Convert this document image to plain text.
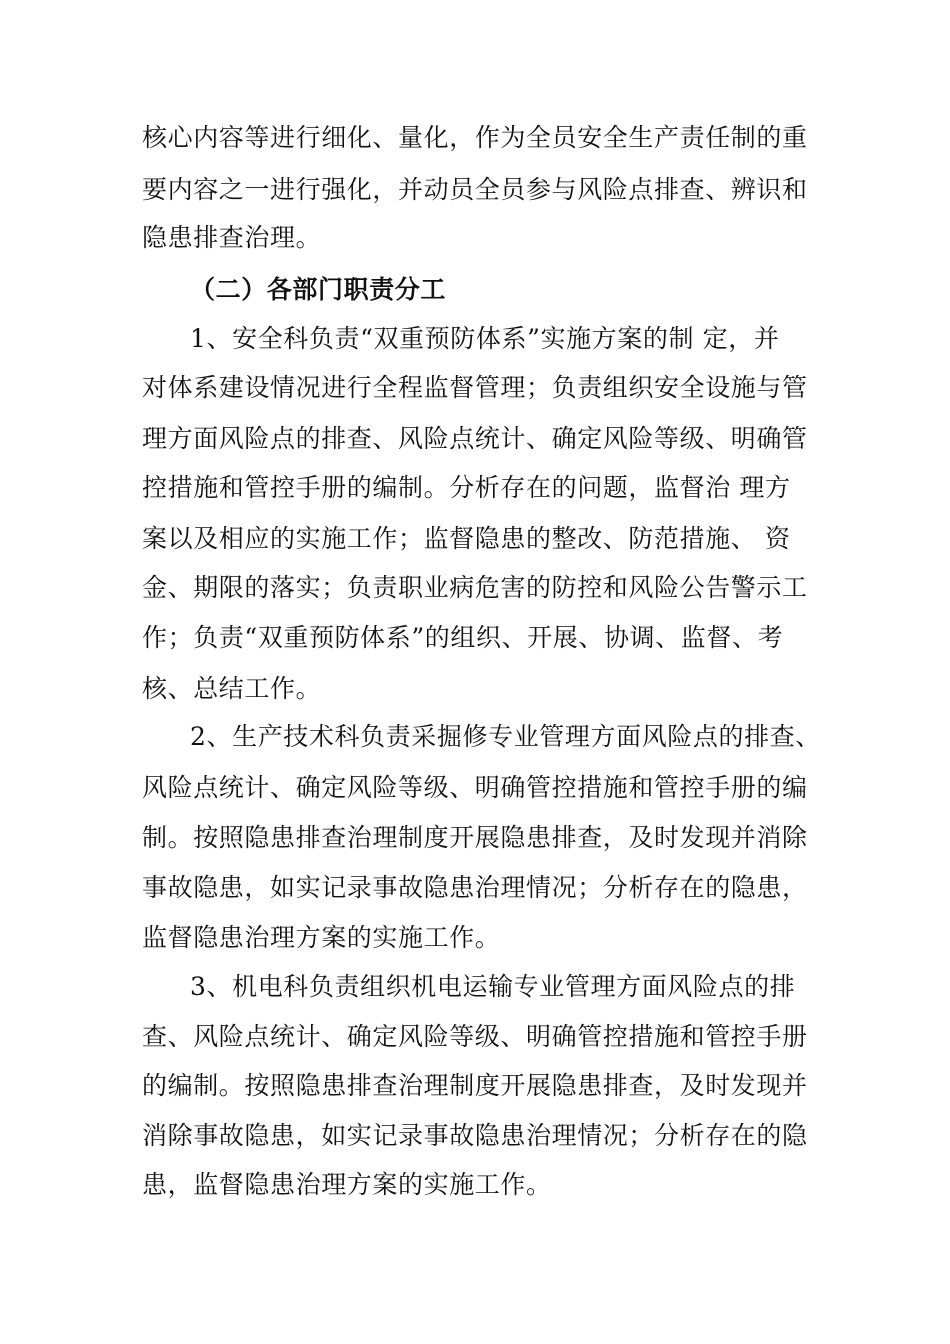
核心内容等进行细化、量化，作为全员安全生产责任制的重
要内容之一进行强化，并动员全员参与风险点排查、辨识和
隐患排查治理。
（二）各部门职责分工
1、安全科负责“双重预防体系”实施方案的制 定，并
对体系建设情况进行全程监督管理；负责组织安全设施与管
理方面风险点的排查、风险点统计、确定风险等级、明确管
控措施和管控手册的编制。分析存在的问题，监督治 理方
案以及相应的实施工作；监督隐患的整改、防范措施、 资
金、期限的落实；负责职业病危害的防控和风险公告警示工
作；负责“双重预防体系”的组织、开展、协调、监督、考
核、总结工作。
2、生产技术科负责采掘修专业管理方面风险点的排查、
风险点统计、确定风险等级、明确管控措施和管控手册的编
制。按照隐患排查治理制度开展隐患排查，及时发现并消除
事故隐患，如实记录事故隐患治理情况；分析存在的隐患，
监督隐患治理方案的实施工作。
3、机电科负责组织机电运输专业管理方面风险点的排
查、风险点统计、确定风险等级、明确管控措施和管控手册
的编制。按照隐患排查治理制度开展隐患排查，及时发现并
消除事故隐患，如实记录事故隐患治理情况；分析存在的隐
患，监督隐患治理方案的实施工作。
